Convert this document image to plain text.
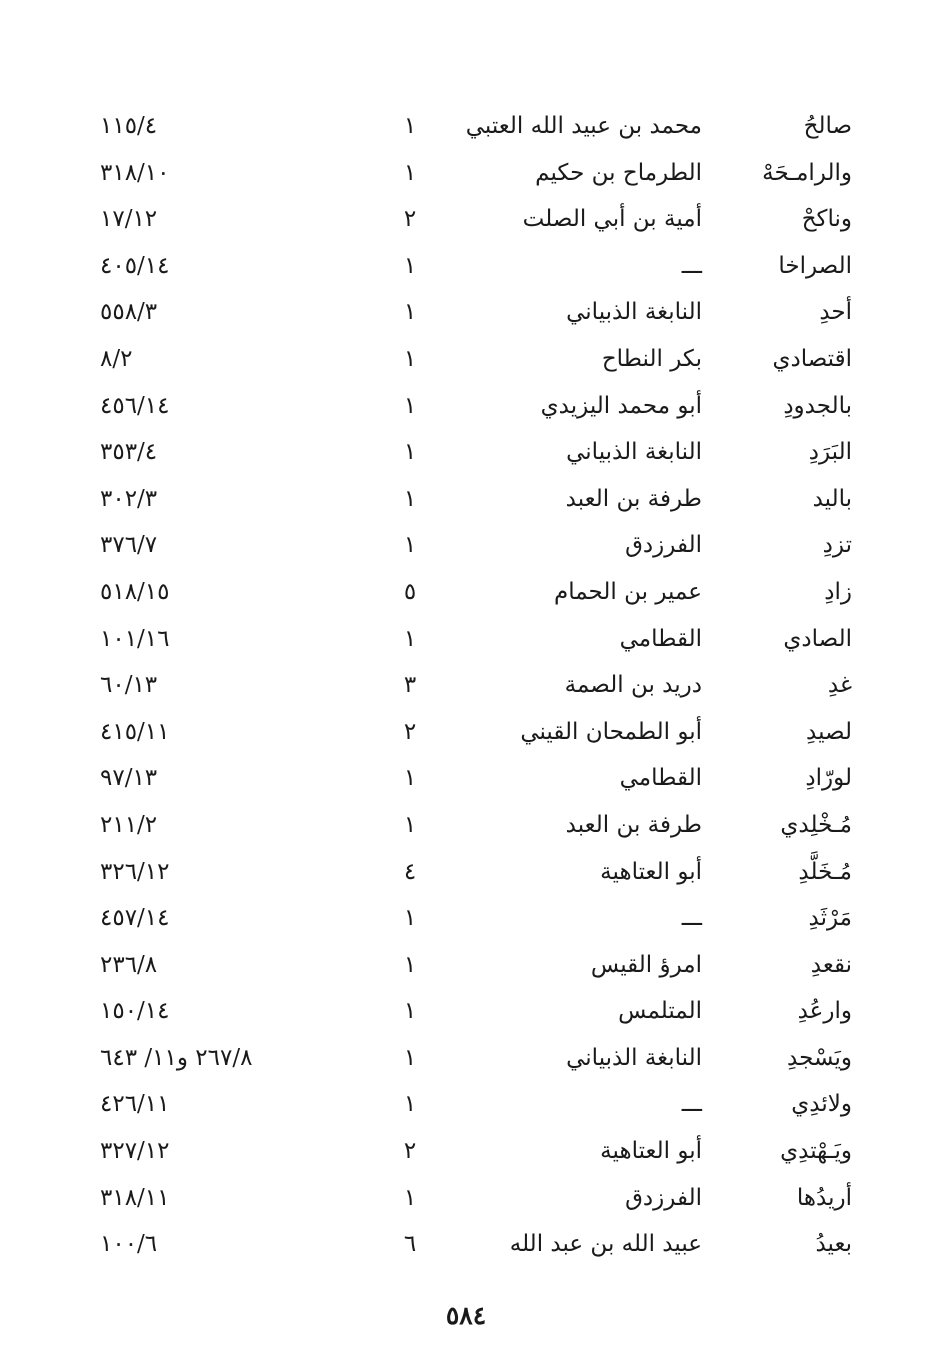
صالحُ
محمد بن عبيد الله العتبي
١
١١٥/٤
والرامـحَهْ
الطرماح بن حكيم
١
٣١٨/١٠
وناكحْ
أمية بن أبي الصلت
٢
١٧/١٢
الصراخا
ـــ
١
٤٠٥/١٤
أحدِ
النابغة الذبياني
١
٥٥٨/٣
اقتصادي
بكر النطاح
١
٨/٢
بالجدودِ
أبو محمد اليزيدي
١
٤٥٦/١٤
البَرَدِ
النابغة الذبياني
١
٣٥٣/٤
باليد
طرفة بن العبد
١
٣٠٢/٣
تزدِ
الفرزدق
١
٣٧٦/٧
زادِ
عمير بن الحمام
٥
٥١٨/١٥
الصادي
القطامي
١
١٠١/١٦
غدِ
دريد بن الصمة
٣
٦٠/١٣
لصيدِ
أبو الطمحان القيني
٢
٤١٥/١١
لورّادِ
القطامي
١
٩٧/١٣
مُـخْلِدي
طرفة بن العبد
١
٢١١/٢
مُـخَلَّدِ
أبو العتاهية
٤
٣٢٦/١٢
مَرْثَدِ
ـــ
١
٤٥٧/١٤
نقعدِ
امرؤ القيس
١
٢٣٦/٨
وارعُدِ
المتلمس
١
١٥٠/١٤
ويَسْجدِ
النابغة الذبياني
١
٢٦٧/٨ و١١/ ٦٤٣
ولائدِي
ـــ
١
٤٢٦/١١
ويَـهْتدِي
أبو العتاهية
٢
٣٢٧/١٢
أريدُها
الفرزدق
١
٣١٨/١١
بعيدُ
عبيد الله بن عبد الله
٦
١٠٠/٦
٥٨٤
